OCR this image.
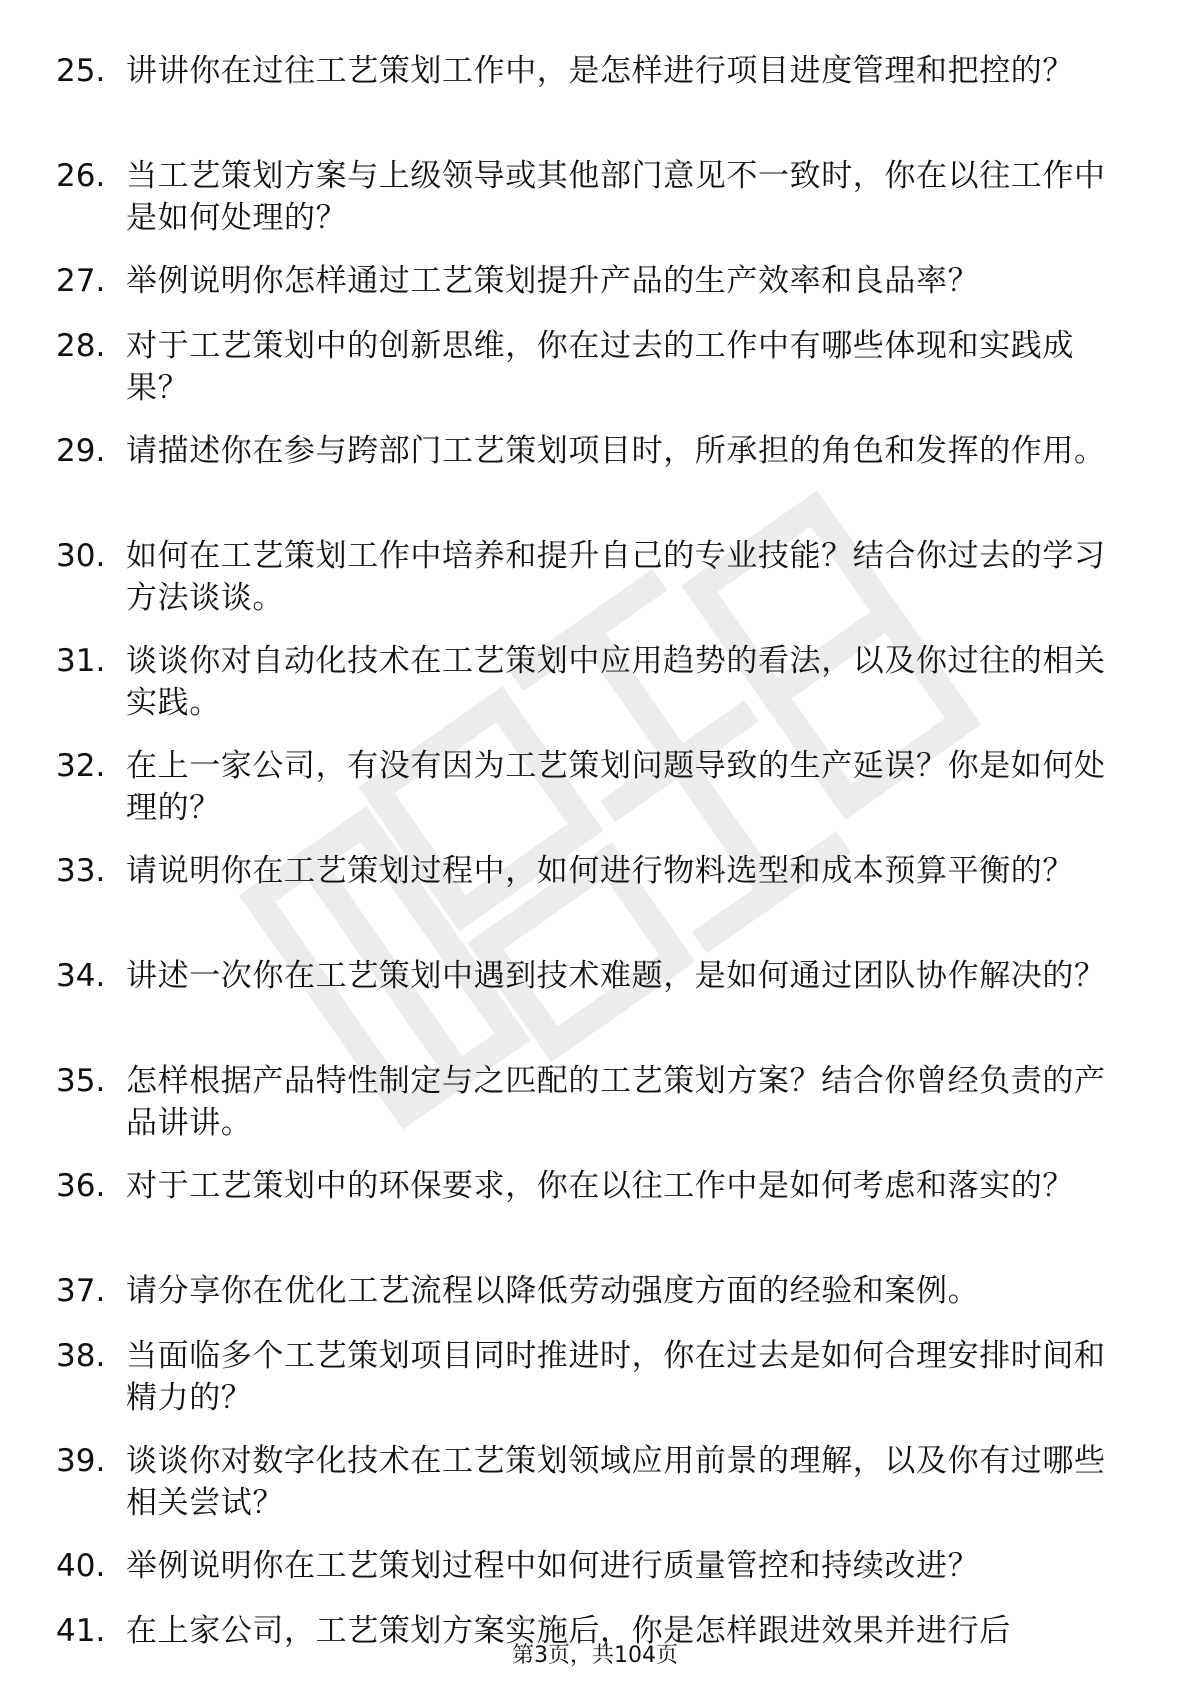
25. 讲讲你在过往工艺策划工作中，是怎样进行项目进度管理和把控的？
26. 当工艺策划方案与上级领导或其他部门意见不一致时，你在以往工作中是如何处理的？
27. 举例说明你怎样通过工艺策划提升产品的生产效率和良品率？
28. 对于工艺策划中的创新思维，你在过去的工作中有哪些体现和实践成果？
29. 请描述你在参与跨部门工艺策划项目时，所承担的角色和发挥的作用。
30. 如何在工艺策划工作中培养和提升自己的专业技能？结合你过去的学习方法谈谈。
31. 谈谈你对自动化技术在工艺策划中应用趋势的看法，以及你过往的相关实践。
32. 在上一家公司，有没有因为工艺策划问题导致的生产延误？你是如何处理的？
33. 请说明你在工艺策划过程中，如何进行物料选型和成本预算平衡的？
34. 讲述一次你在工艺策划中遇到技术难题，是如何通过团队协作解决的？
35. 怎样根据产品特性制定与之匹配的工艺策划方案？结合你曾经负责的产品讲讲。
36. 对于工艺策划中的环保要求，你在以往工作中是如何考虑和落实的？
37. 请分享你在优化工艺流程以降低劳动强度方面的经验和案例。
38. 当面临多个工艺策划项目同时推进时，你在过去是如何合理安排时间和精力的？
39. 谈谈你对数字化技术在工艺策划领域应用前景的理解，以及你有过哪些相关尝试？
40. 举例说明你在工艺策划过程中如何进行质量管控和持续改进？
41. 在上家公司，工艺策划方案实施后，你是怎样跟进效果并进行后
第3页，共104页
